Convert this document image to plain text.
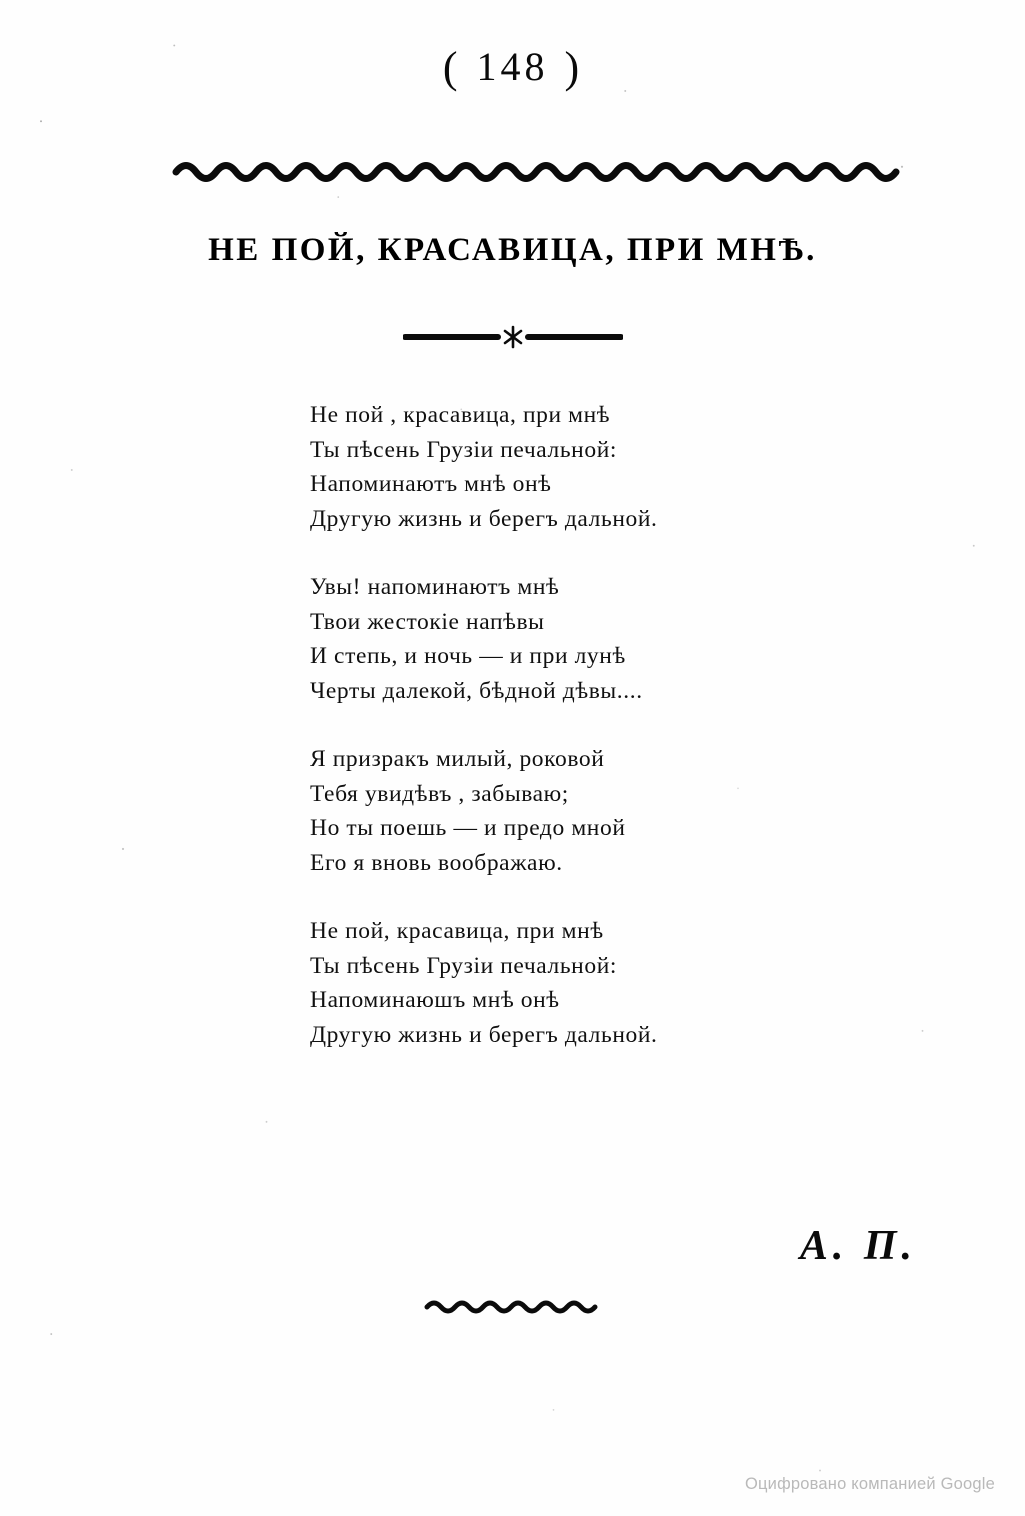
( 148 )
НЕ ПОЙ, КРАСАВИЦА, ПРИ МНѢ.
Не пой , красавица, при мнѣ
Ты пѣсень Грузіи печальной:
Напоминаютъ мнѣ онѣ
Другую жизнь и берегъ дальной.
Увы! напоминаютъ мнѣ
Твои жестокіе напѣвы
И степь, и ночь — и при лунѣ
Черты далекой, бѣдной дѣвы....
Я призракъ милый, роковой
Тебя увидѣвъ , забываю;
Но ты поешь — и предо мной
Его я вновь воображаю.
Не пой, красавица, при мнѣ
Ты пѣсень Грузіи печальной:
Напоминаюшъ мнѣ онѣ
Другую жизнь и берегъ дальной.
А. П.
Оцифровано компанией Google
